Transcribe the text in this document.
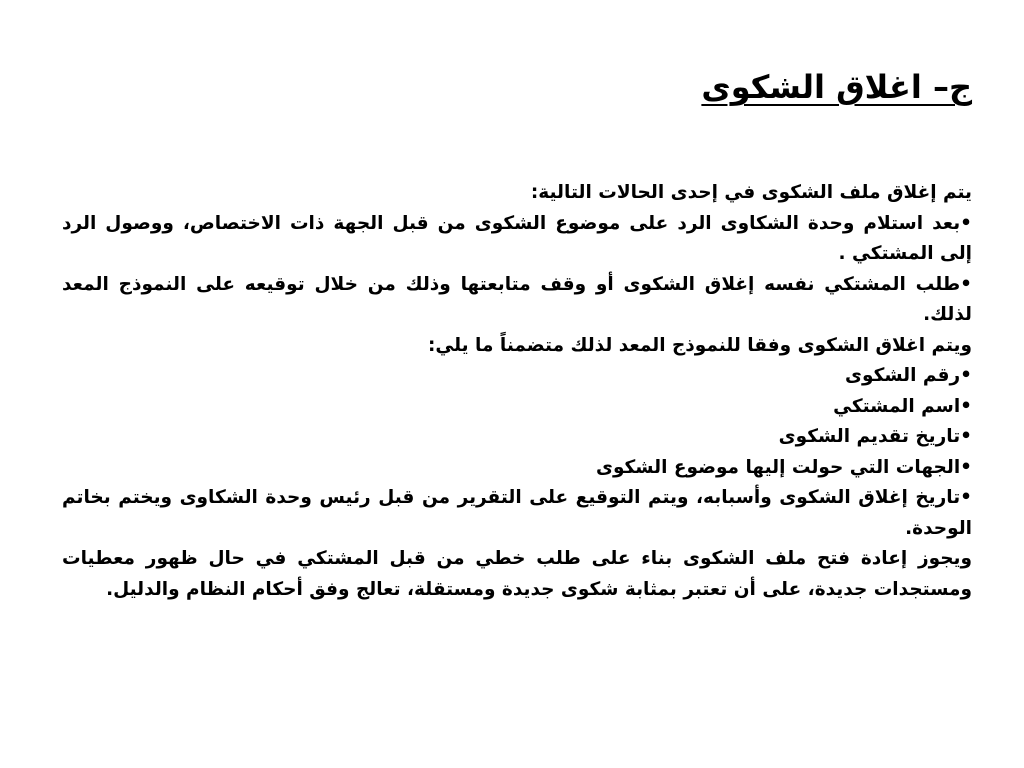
ج– اغلاق الشكوى

يتم إغلاق ملف الشكوى في إحدى الحالات التالية:

•بعد استلام وحدة الشكاوى الرد على موضوع الشكوى من قبل الجهة ذات الاختصاص، ووصول الرد إلى المشتكي .

•طلب المشتكي نفسه إغلاق الشكوى أو وقف متابعتها وذلك من خلال توقيعه على النموذج المعد لذلك.

ويتم اغلاق الشكوى وفقا للنموذج المعد لذلك متضمناً ما يلي:

•رقم الشكوى

•اسم المشتكي

•تاريخ تقديم الشكوى

•الجهات التي حولت إليها موضوع الشكوى

•تاريخ إغلاق الشكوى وأسبابه، ويتم التوقيع على التقرير من قبل رئيس وحدة الشكاوى ويختم بخاتم الوحدة.

ويجوز إعادة فتح ملف الشكوى بناء على طلب خطي من قبل المشتكي في حال ظهور معطيات ومستجدات جديدة، على أن تعتبر بمثابة شكوى جديدة ومستقلة، تعالج وفق أحكام النظام والدليل.
